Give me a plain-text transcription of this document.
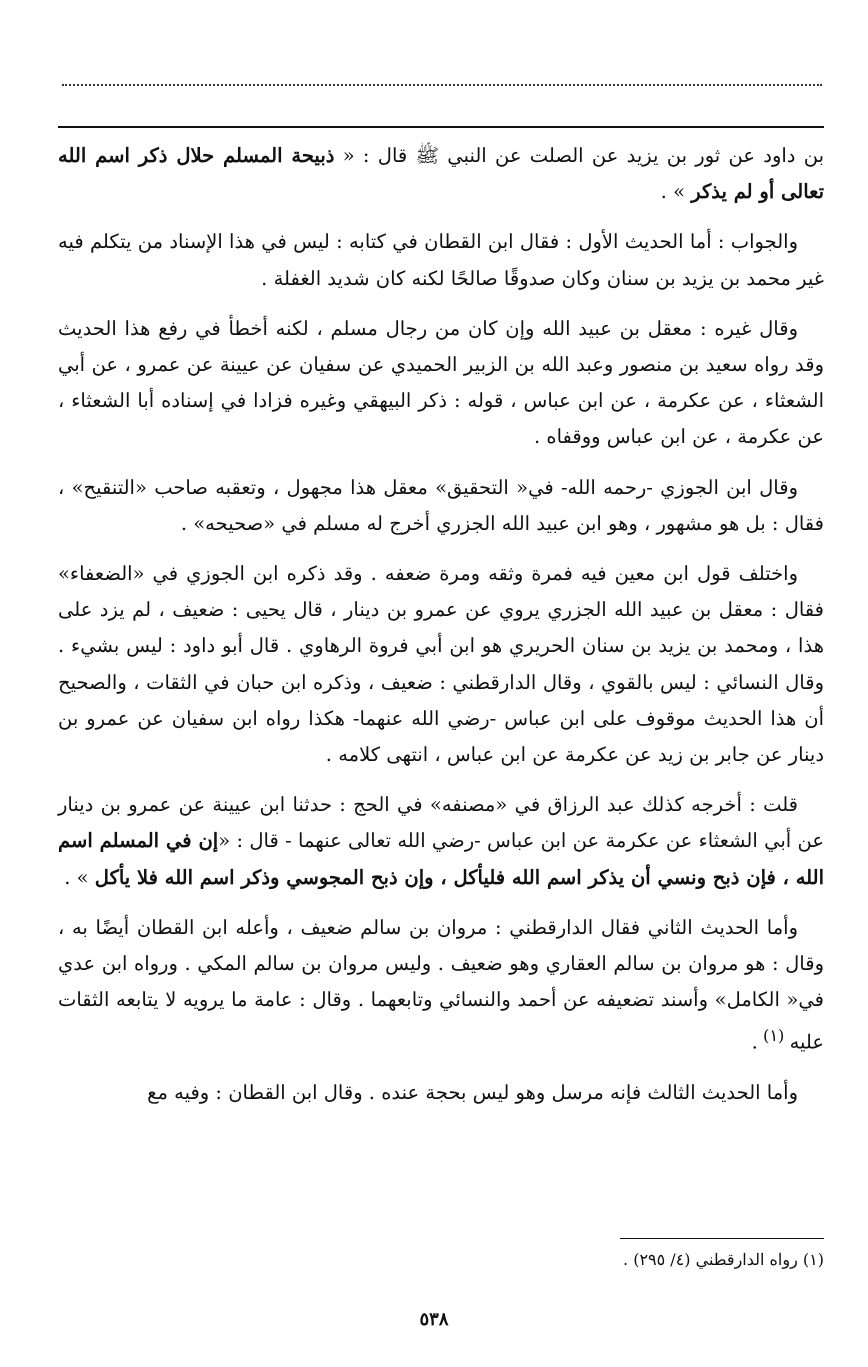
بن داود عن ثور بن يزيد عن الصلت عن النبي ﷺ قال : « ذبيحة المسلم حلال ذكر اسم الله تعالى أو لم يذكر » .

والجواب : أما الحديث الأول : فقال ابن القطان في كتابه : ليس في هذا الإسناد من يتكلم فيه غير محمد بن يزيد بن سنان وكان صدوقًا صالحًا لكنه كان شديد الغفلة .

وقال غيره : معقل بن عبيد الله وإن كان من رجال مسلم ، لكنه أخطأ في رفع هذا الحديث وقد رواه سعيد بن منصور وعبد الله بن الزبير الحميدي عن سفيان عن عيينة عن عمرو ، عن أبي الشعثاء ، عن عكرمة ، عن ابن عباس ، قوله : ذكر البيهقي وغيره فزادا في إسناده أبا الشعثاء ، عن عكرمة ، عن ابن عباس ووقفاه .

وقال ابن الجوزي -رحمه الله- في« التحقيق» معقل هذا مجهول ، وتعقبه صاحب «التنقيح» ، فقال : بل هو مشهور ، وهو ابن عبيد الله الجزري أخرج له مسلم في «صحيحه» .

واختلف قول ابن معين فيه فمرة وثقه ومرة ضعفه . وقد ذكره ابن الجوزي في «الضعفاء» فقال : معقل بن عبيد الله الجزري يروي عن عمرو بن دينار ، قال يحيى : ضعيف ، لم يزد على هذا ، ومحمد بن يزيد بن سنان الحريري هو ابن أبي فروة الرهاوي . قال أبو داود : ليس بشيء . وقال النسائي : ليس بالقوي ، وقال الدارقطني : ضعيف ، وذكره ابن حبان في الثقات ، والصحيح أن هذا الحديث موقوف على ابن عباس -رضي الله عنهما- هكذا رواه ابن سفيان عن عمرو بن دينار عن جابر بن زيد عن عكرمة عن ابن عباس ، انتهى كلامه .

قلت : أخرجه كذلك عبد الرزاق في «مصنفه» في الحج : حدثنا ابن عيينة عن عمرو بن دينار عن أبي الشعثاء عن عكرمة عن ابن عباس -رضي الله تعالى عنهما - قال : «إن في المسلم اسم الله ، فإن ذبح ونسي أن يذكر اسم الله فليأكل ، وإن ذبح المجوسي وذكر اسم الله فلا يأكل » .

وأما الحديث الثاني فقال الدارقطني : مروان بن سالم ضعيف ، وأعله ابن القطان أيضًا به ، وقال : هو مروان بن سالم العقاري وهو ضعيف . وليس مروان بن سالم المكي . ورواه ابن عدي في« الكامل» وأسند تضعيفه عن أحمد والنسائي وتابعهما . وقال : عامة ما يرويه لا يتابعه الثقات عليه $^{(١)}$ .

وأما الحديث الثالث فإنه مرسل وهو ليس بحجة عنده . وقال ابن القطان : وفيه مع

(١) رواه الدارقطني (٤/ ٢٩٥) .
٥٣٨
